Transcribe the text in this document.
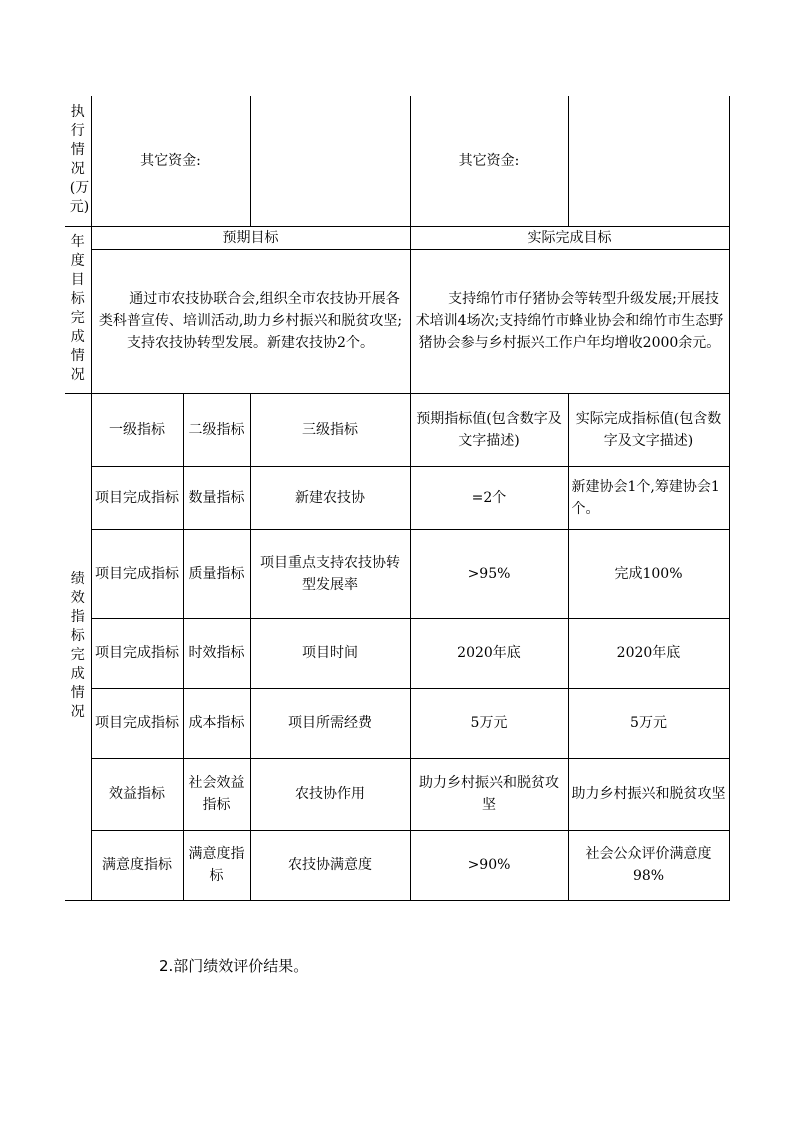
执行情况(万元)	其它资金:			其它资金:	
年度目标完成情况	预期目标			实际完成目标	

	通过市农技协联合会,组织全市农技协开展各类科普宣传、培训活动,助力乡村振兴和脱贫攻坚;支持农技协转型发展。新建农技协2个。			支持绵竹市仔猪协会等转型升级发展;开展技术培训4场次;支持绵竹市蜂业协会和绵竹市生态野猪协会参与乡村振兴工作户年均增收2000余元。	

绩效指标完成情况	一级指标	二级指标	三级指标	预期指标值(包含数字及文字描述)	实际完成指标值(包含数字及文字描述)
	项目完成指标	数量指标	新建农技协	=2个	新建协会1个,筹建协会1个。
	项目完成指标	质量指标	项目重点支持农技协转型发展率	>95%	完成100%
	项目完成指标	时效指标	项目时间	2020年底	2020年底
	项目完成指标	成本指标	项目所需经费	5万元	5万元
	效益指标	社会效益指标	农技协作用	助力乡村振兴和脱贫攻坚	助力乡村振兴和脱贫攻坚
	满意度指标	满意度指标	农技协满意度	>90%	社会公众评价满意度98%
2.部门绩效评价结果。
